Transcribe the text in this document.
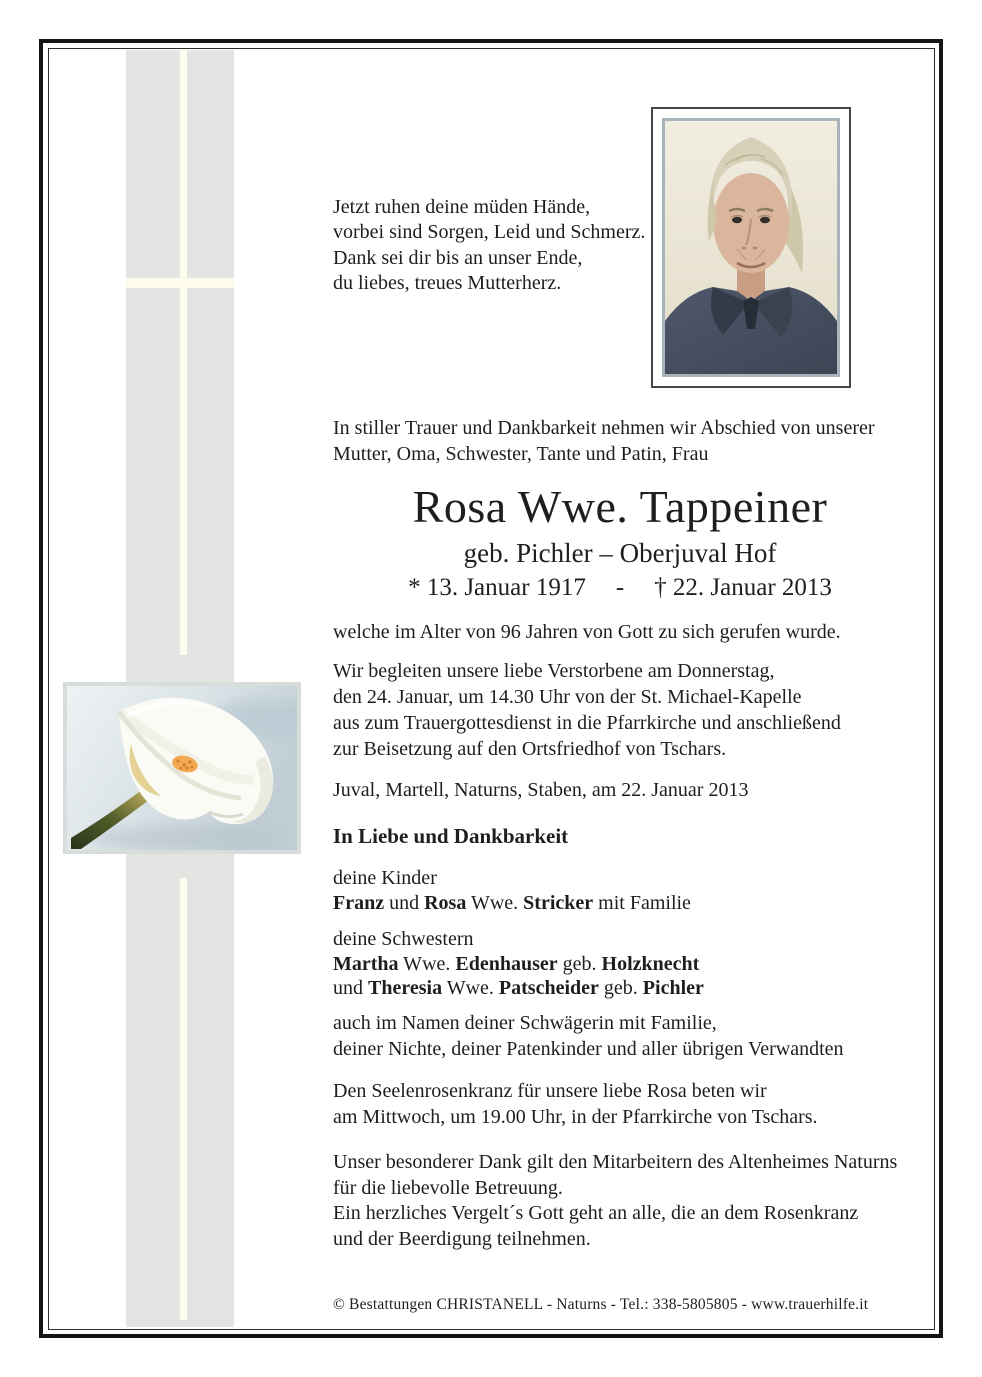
Jetzt ruhen deine müden Hände,
vorbei sind Sorgen, Leid und Schmerz.
Dank sei dir bis an unser Ende,
du liebes, treues Mutterherz.
In stiller Trauer und Dankbarkeit nehmen wir Abschied von unserer
Mutter, Oma, Schwester, Tante und Patin, Frau
Rosa Wwe. Tappeiner
geb. Pichler – Oberjuval Hof
* 13. Januar 1917 - † 22. Januar 2013
welche im Alter von 96 Jahren von Gott zu sich gerufen wurde.
Wir begleiten unsere liebe Verstorbene am Donnerstag,
den 24. Januar, um 14.30 Uhr von der St. Michael-Kapelle
aus zum Trauergottesdienst in die Pfarrkirche und anschließend
zur Beisetzung auf den Ortsfriedhof von Tschars.
Juval, Martell, Naturns, Staben, am 22. Januar 2013
In Liebe und Dankbarkeit
deine Kinder
Franz und Rosa Wwe. Stricker mit Familie
deine Schwestern
Martha Wwe. Edenhauser geb. Holzknecht
und Theresia Wwe. Patscheider geb. Pichler
auch im Namen deiner Schwägerin mit Familie,
deiner Nichte, deiner Patenkinder und aller übrigen Verwandten
Den Seelenrosenkranz für unsere liebe Rosa beten wir
am Mittwoch, um 19.00 Uhr, in der Pfarrkirche von Tschars.
Unser besonderer Dank gilt den Mitarbeitern des Altenheimes Naturns
für die liebevolle Betreuung.
Ein herzliches Vergelt´s Gott geht an alle, die an dem Rosenkranz
und der Beerdigung teilnehmen.
© Bestattungen CHRISTANELL - Naturns - Tel.: 338-5805805 - www.trauerhilfe.it
